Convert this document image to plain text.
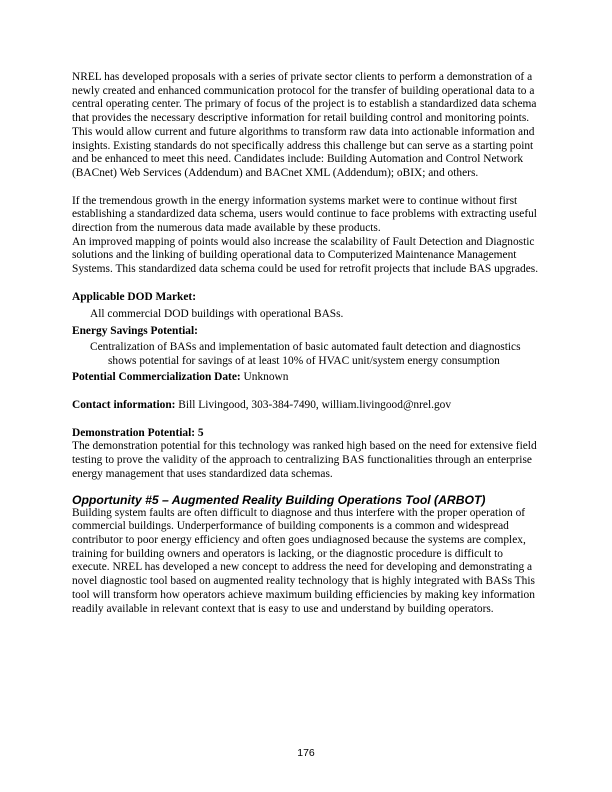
NREL has developed proposals with a series of private sector clients to perform a demonstration of a newly created and enhanced communication protocol for the transfer of building operational data to a central operating center. The primary of focus of the project is to establish a standardized data schema that provides the necessary descriptive information for retail building control and monitoring points. This would allow current and future algorithms to transform raw data into actionable information and insights. Existing standards do not specifically address this challenge but can serve as a starting point and be enhanced to meet this need. Candidates include: Building Automation and Control Network (BACnet) Web Services (Addendum) and BACnet XML (Addendum); oBIX; and others.

If the tremendous growth in the energy information systems market were to continue without first establishing a standardized data schema, users would continue to face problems with extracting useful direction from the numerous data made available by these products.

An improved mapping of points would also increase the scalability of Fault Detection and Diagnostic solutions and the linking of building operational data to Computerized Maintenance Management Systems. This standardized data schema could be used for retrofit projects that include BAS upgrades.

Applicable DOD Market:

All commercial DOD buildings with operational BASs.

Energy Savings Potential:

Centralization of BASs and implementation of basic automated fault detection and diagnostics shows potential for savings of at least 10% of HVAC unit/system energy consumption

Potential Commercialization Date: Unknown

Contact information: Bill Livingood, 303-384-7490, william.livingood@nrel.gov

Demonstration Potential: 5

The demonstration potential for this technology was ranked high based on the need for extensive field testing to prove the validity of the approach to centralizing BAS functionalities through an enterprise energy management that uses standardized data schemas.

Opportunity #5 – Augmented Reality Building Operations Tool (ARBOT)

Building system faults are often difficult to diagnose and thus interfere with the proper operation of commercial buildings. Underperformance of building components is a common and widespread contributor to poor energy efficiency and often goes undiagnosed because the systems are complex, training for building owners and operators is lacking, or the diagnostic procedure is difficult to execute. NREL has developed a new concept to address the need for developing and demonstrating a novel diagnostic tool based on augmented reality technology that is highly integrated with BASs This tool will transform how operators achieve maximum building efficiencies by making key information readily available in relevant context that is easy to use and understand by building operators.

176
